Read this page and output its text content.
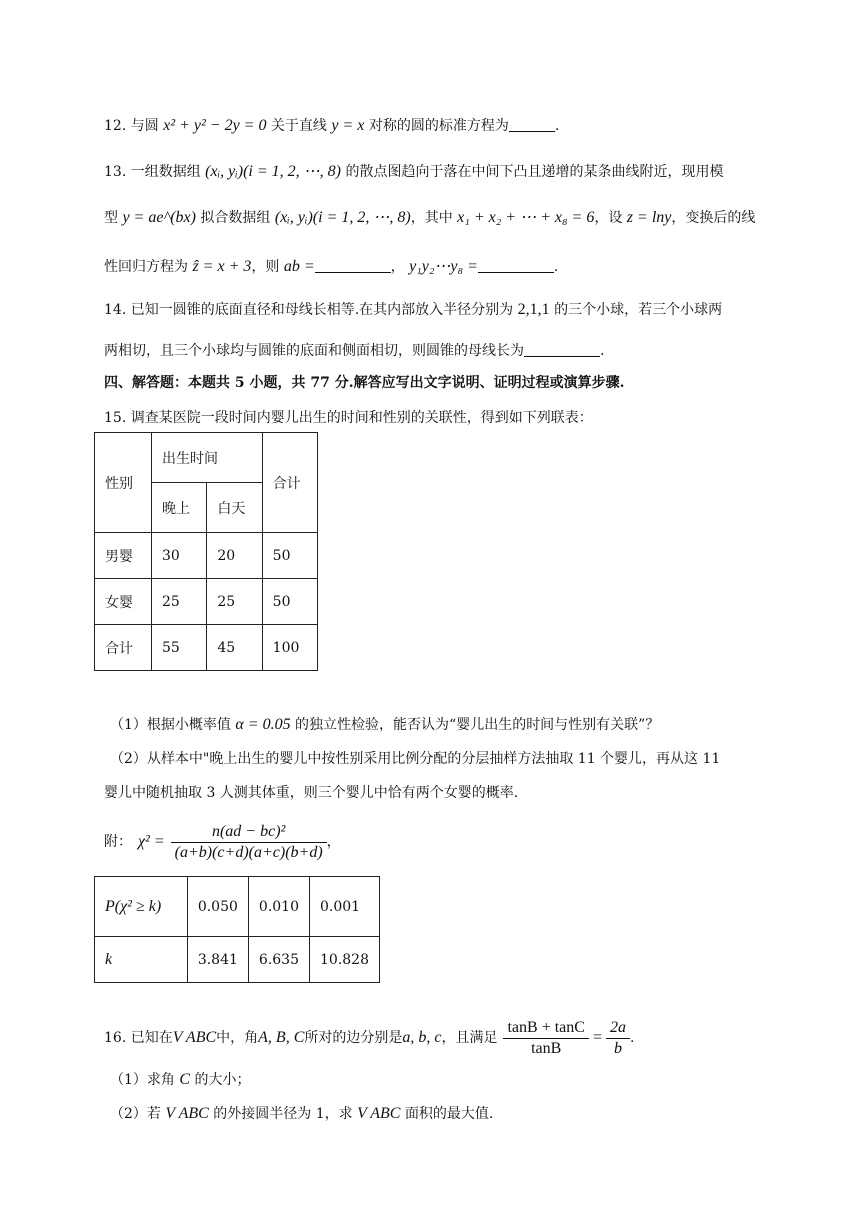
12. 与圆 x² + y² − 2y = 0 关于直线 y = x 对称的圆的标准方程为	.
13. 一组数据组 (xᵢ, yᵢ)(i = 1, 2, ⋯, 8) 的散点图趋向于落在中间下凸且递增的某条曲线附近，现用模
型 y = ae^(bx) 拟合数据组 (xᵢ, yᵢ)(i = 1, 2, ⋯, 8)，其中 x₁ + x₂ + ⋯ + x₈ = 6，设 z = lny，变换后的线
性回归方程为 ẑ = x + 3，则 ab =	， y₁y₂⋯y₈ =	.
14. 已知一圆锥的底面直径和母线长相等.在其内部放入半径分别为 2,1,1 的三个小球，若三个小球两
两相切，且三个小球均与圆锥的底面和侧面相切，则圆锥的母线长为	.
四、解答题：本题共 5 小题，共 77 分.解答应写出文字说明、证明过程或演算步骤.
15. 调查某医院一段时间内婴儿出生的时间和性别的关联性，得到如下列联表：
性别	出生时间		合计
	晚上	白天	
男婴	30	20	50
女婴	25	25	50
合计	55	45	100
（1）根据小概率值 α = 0.05 的独立性检验，能否认为“婴儿出生的时间与性别有关联”？
（2）从样本中"晚上出生的婴儿中按性别采用比例分配的分层抽样方法抽取 11 个婴儿，再从这 11
婴儿中随机抽取 3 人测其体重，则三个婴儿中恰有两个女婴的概率.
附： $\chi^2 = \frac{\text{n(ad − bc)²}}{(a+b)(c+d)(a+c)(b+d)}$ ，
P(χ² ≥ k)	0.050	0.010	0.001
k	3.841	6.635	10.828
16. 已知在 V ABC 中，角 A, B, C 所对的边分别是 a, b, c ，且满足 $\frac{\tan B + \tan C}{\tan B} = \frac{2a}{b}$ .
（1）求角 C 的大小；
（2）若 V ABC 的外接圆半径为 1，求 V ABC 面积的最大值.
